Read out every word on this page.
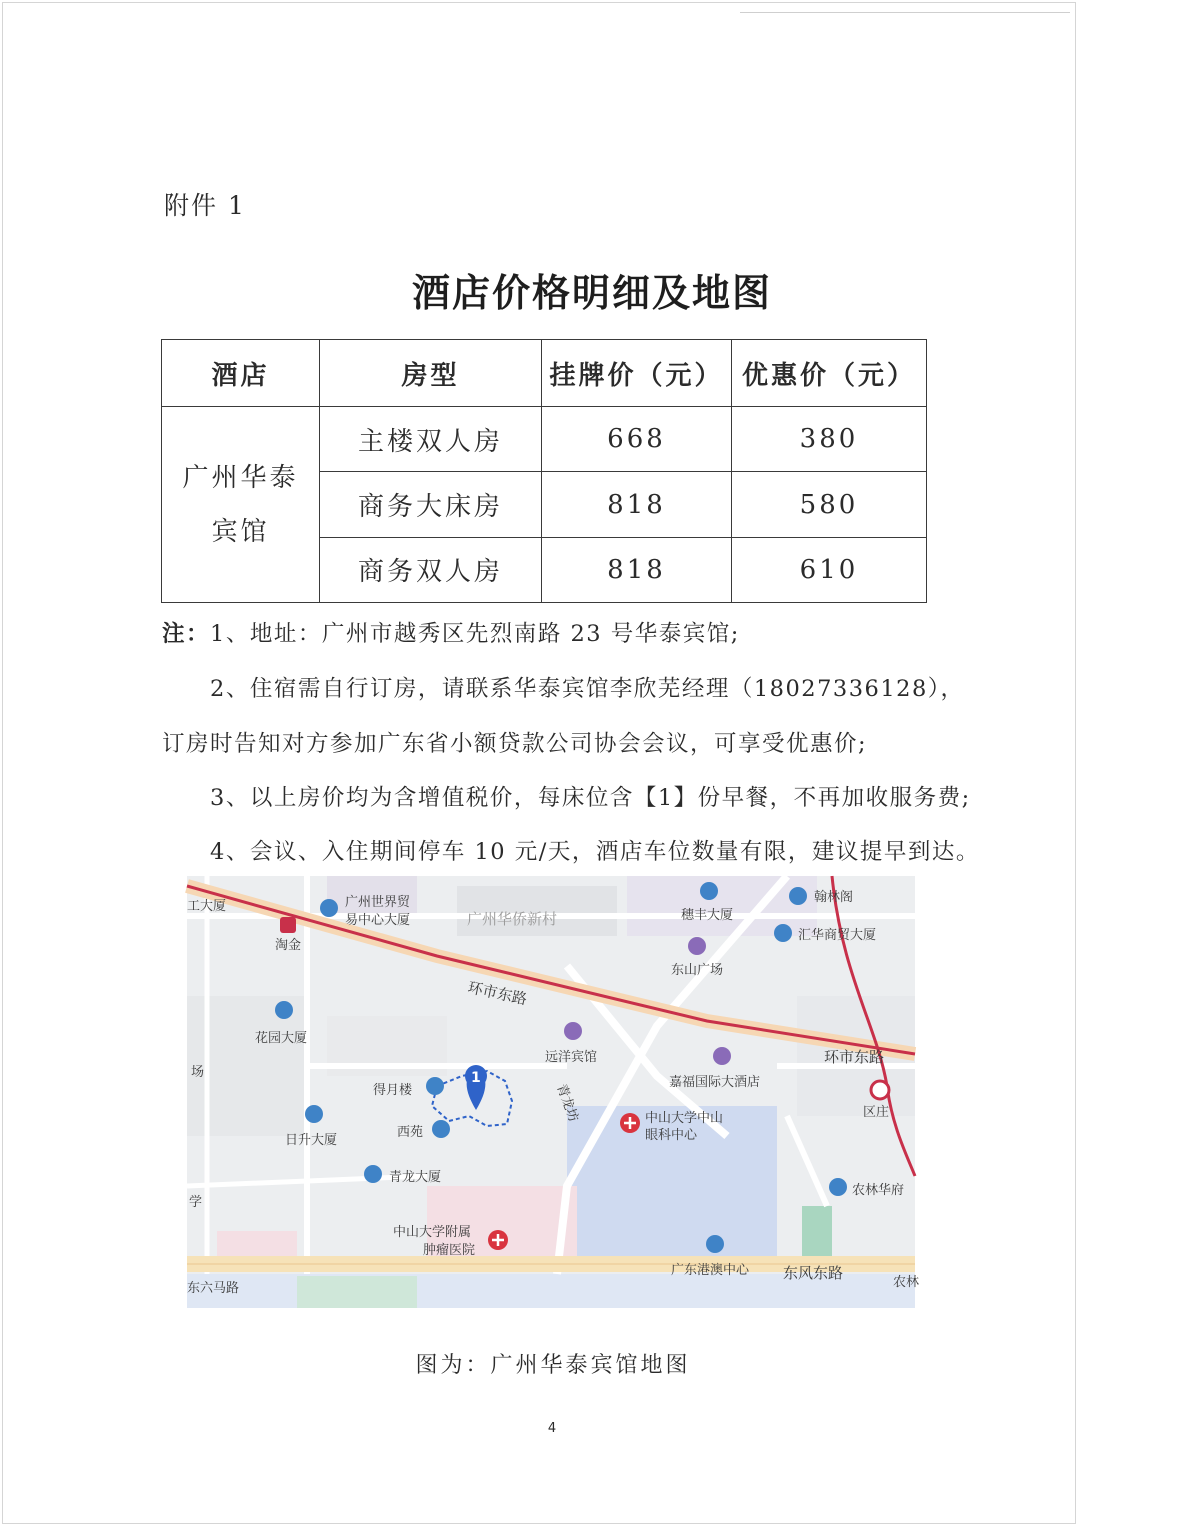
附件 1
酒店价格明细及地图
酒店	房型	挂牌价（元）	优惠价（元）

广州华泰
宾馆	主楼双人房	668	380
	商务大床房	818	580
	商务双人房	818	610
注：1、地址：广州市越秀区先烈南路 23 号华泰宾馆;
2、住宿需自行订房，请联系华泰宾馆李欣芜经理（18027336128），
订房时告知对方参加广东省小额贷款公司协会会议，可享受优惠价;
3、以上房价均为含增值税价，每床位含【1】份早餐，不再加收服务费;
4、会议、入住期间停车 10 元/天，酒店车位数量有限，建议提早到达。
广州世界贸
易中心大厦	广州华侨新村	穗丰大厦
翰林阁
汇华商贸大厦
东山广场
淘金
工大厦
环市东路
环市东路
花园大厦
远洋宾馆
嘉福国际大酒店
区庄
得月楼
西苑
青龙坊	中山大学中山
眼科中心
日升大厦
青龙大厦
农林华府
中山大学附属
肿瘤医院
广东港澳中心 东风东路
东六马路
场
学
农林
1
图为：广州华泰宾馆地图
4
